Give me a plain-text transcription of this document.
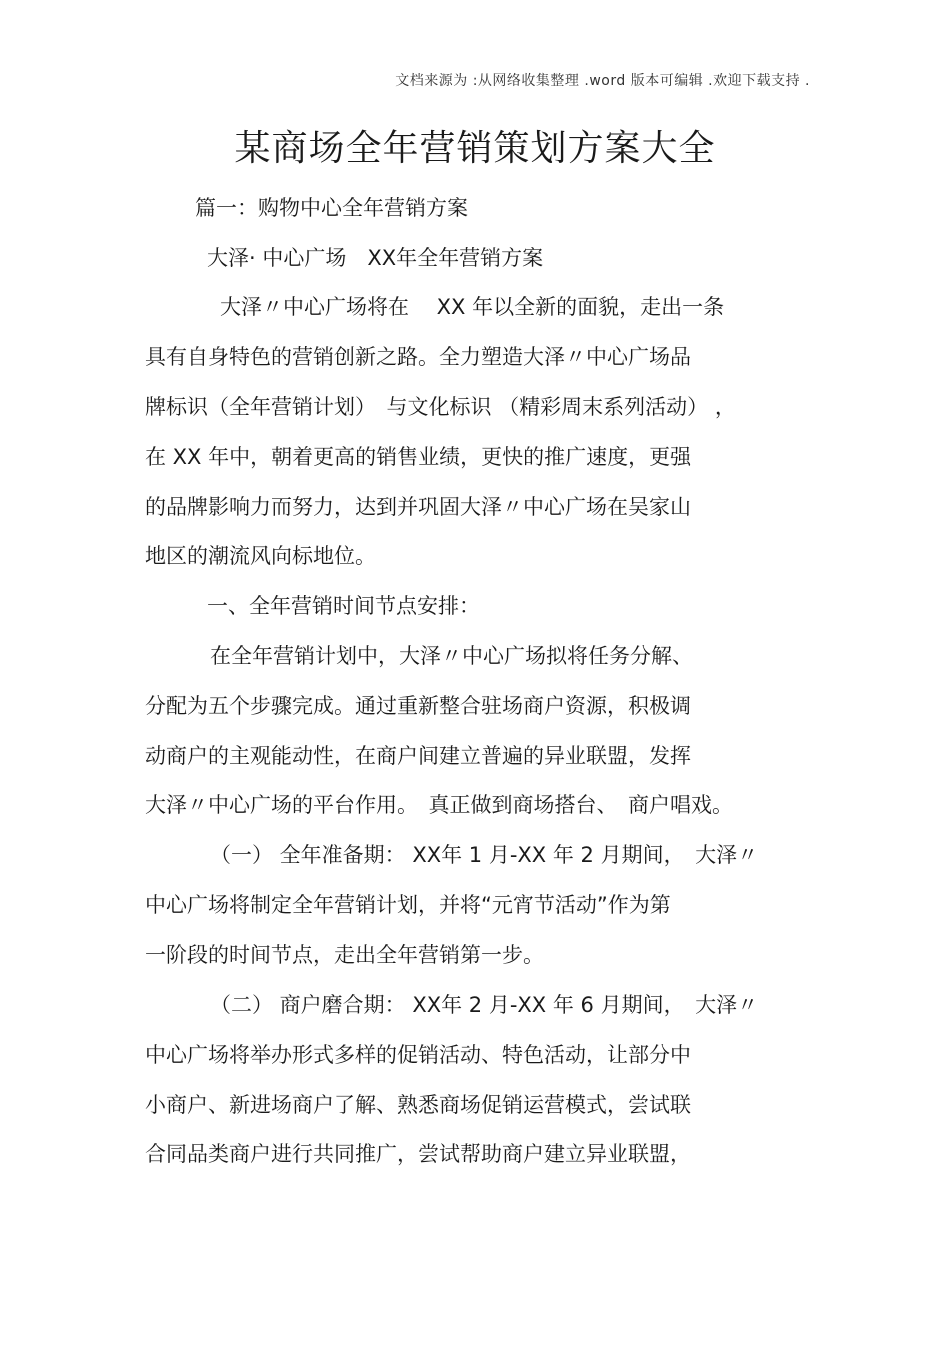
文档来源为 :从网络收集整理 .word 版本可编辑 .欢迎下载支持 .
某商场全年营销策划方案大全
篇一：购物中心全年营销方案
大泽· 中心广场　XX年全年营销方案
大泽〃中心广场将在　 XX 年以全新的面貌，走出一条
具有自身特色的营销创新之路。全力塑造大泽〃中心广场品
牌标识（全年营销计划）　与文化标识 （精彩周末系列活动） ，
在 XX 年中，朝着更高的销售业绩，更快的推广速度，更强
的品牌影响力而努力，达到并巩固大泽〃中心广场在吴家山
地区的潮流风向标地位。
一、全年营销时间节点安排：
在全年营销计划中，大泽〃中心广场拟将任务分解、
分配为五个步骤完成。通过重新整合驻场商户资源，积极调
动商户的主观能动性，在商户间建立普遍的异业联盟，发挥
大泽〃中心广场的平台作用。　真正做到商场搭台、　商户唱戏。
（一） 全年准备期： XX年 1 月-XX 年 2 月期间，　大泽〃
中心广场将制定全年营销计划，并将“元宵节活动”作为第
一阶段的时间节点，走出全年营销第一步。
（二） 商户磨合期： XX年 2 月-XX 年 6 月期间，　大泽〃
中心广场将举办形式多样的促销活动、特色活动，让部分中
小商户、新进场商户了解、熟悉商场促销运营模式，尝试联
合同品类商户进行共同推广，尝试帮助商户建立异业联盟，
